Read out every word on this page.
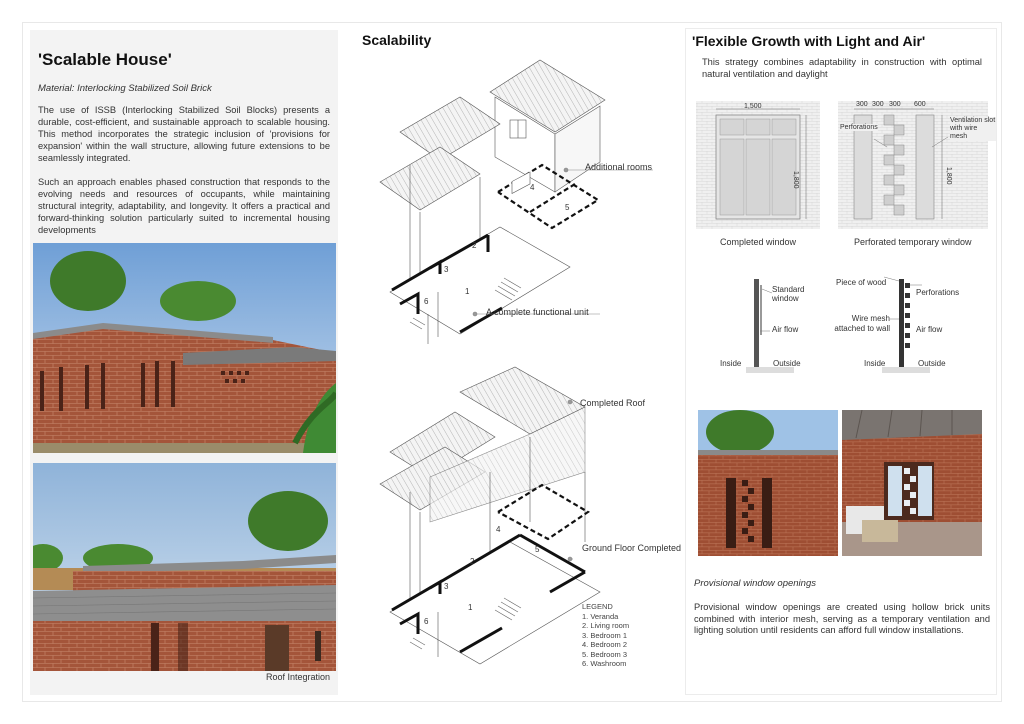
'Scalable House'
Material: Interlocking Stabilized Soil Brick
The use of ISSB (Interlocking Stabilized Soil Blocks) presents a durable, cost-efficient, and sustainable approach to scalable housing. This method incorporates the strategic inclusion of 'provisions for expansion' within the wall structure, allowing future extensions to be seamlessly integrated.
Such an approach enables phased construction that responds to the evolving needs and resources of occupants, while maintaining structural integrity, adaptability, and longevity. It offers a practical and forward-thinking solution particularly suited to incremental housing developments
Roof Integration
Scalability
1
2
3
4
5
6
1
2
3
4
5
6
Additional rooms
A complete functional unit
Completed Roof
Ground Floor Completed
LEGEND
1. Veranda
2. Living room
3. Bedroom 1
4. Bedroom 2
5. Bedroom 3
6. Washroom
'Flexible Growth with Light and Air'
This strategy combines adaptability in construction with optimal natural ventilation and daylight
1,500
1,800
300 300 300 600
1,800
Perforations
Ventilation slot with wire mesh
Completed window	Perforated temporary window
Standard window
Air flow
Inside	Outside
Piece of wood
Perforations
Wire mesh attached to wall	Air flow
Inside	Outside
Provisional window openings
Provisional window openings are created using hollow brick units combined with interior mesh, serving as a temporary ventilation and lighting solution until residents can afford full window installations.
